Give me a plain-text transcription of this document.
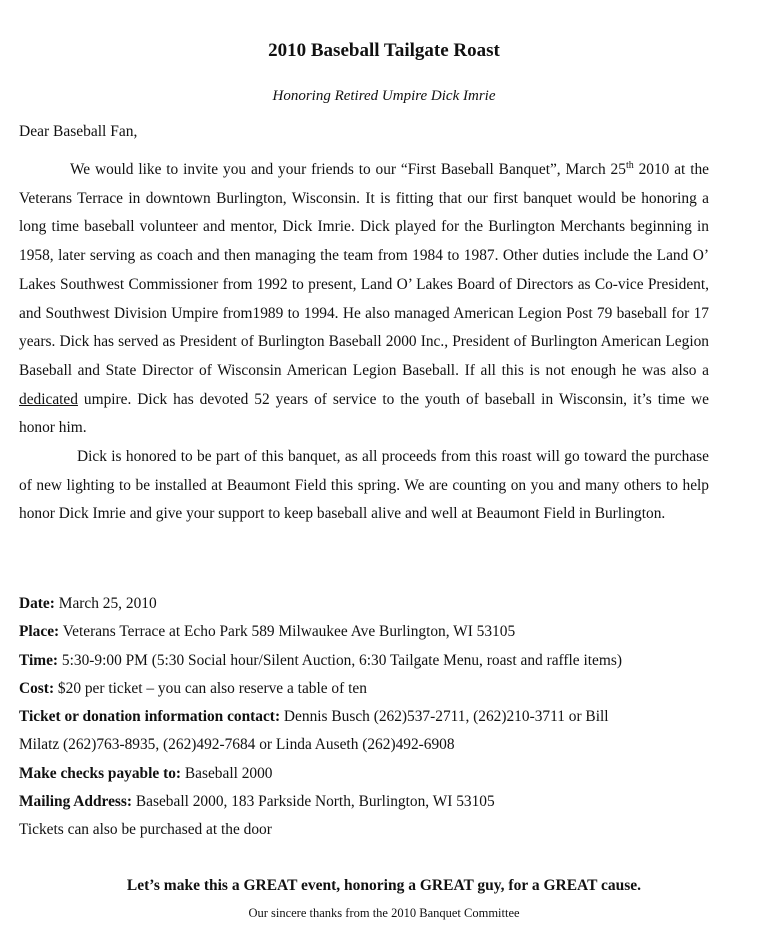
2010 Baseball Tailgate Roast
Honoring Retired Umpire Dick Imrie
Dear Baseball Fan,

We would like to invite you and your friends to our “First Baseball Banquet”, March 25th 2010 at the Veterans Terrace in downtown Burlington, Wisconsin. It is fitting that our first banquet would be honoring a long time baseball volunteer and mentor, Dick Imrie. Dick played for the Burlington Merchants beginning in 1958, later serving as coach and then managing the team from 1984 to 1987. Other duties include the Land O’ Lakes Southwest Commissioner from 1992 to present, Land O’ Lakes Board of Directors as Co-vice President, and Southwest Division Umpire from1989 to 1994. He also managed American Legion Post 79 baseball for 17 years. Dick has served as President of Burlington Baseball 2000 Inc., President of Burlington American Legion Baseball and State Director of Wisconsin American Legion Baseball. If all this is not enough he was also a dedicated umpire. Dick has devoted 52 years of service to the youth of baseball in Wisconsin, it’s time we honor him.

Dick is honored to be part of this banquet, as all proceeds from this roast will go toward the purchase of new lighting to be installed at Beaumont Field this spring. We are counting on you and many others to help honor Dick Imrie and give your support to keep baseball alive and well at Beaumont Field in Burlington.

Date: March 25, 2010
Place: Veterans Terrace at Echo Park 589 Milwaukee Ave Burlington, WI 53105
Time: 5:30-9:00 PM (5:30 Social hour/Silent Auction, 6:30 Tailgate Menu, roast and raffle items)
Cost: $20 per ticket – you can also reserve a table of ten
Ticket or donation information contact: Dennis Busch (262)537-2711, (262)210-3711 or Bill
Milatz (262)763-8935, (262)492-7684 or Linda Auseth (262)492-6908
Make checks payable to: Baseball 2000
Mailing Address: Baseball 2000, 183 Parkside North, Burlington, WI 53105
Tickets can also be purchased at the door
Let’s make this a GREAT event, honoring a GREAT guy, for a GREAT cause.
Our sincere thanks from the 2010 Banquet Committee
